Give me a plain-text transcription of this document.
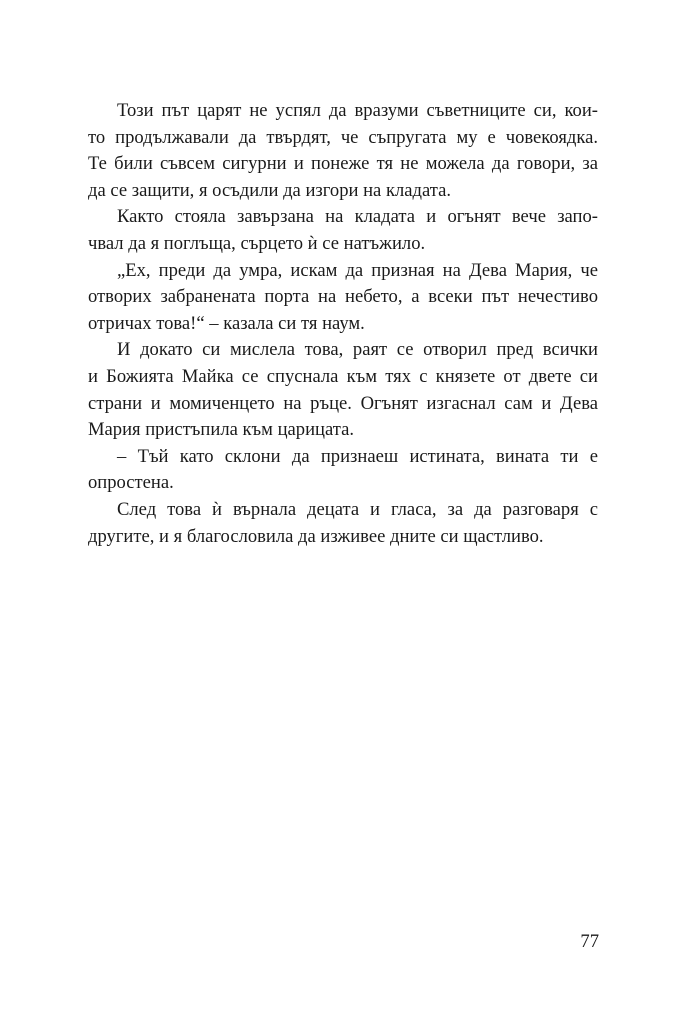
Този път царят не успял да вразуми съветниците си, кои-
то продължавали да твърдят, че съпругата му е човекоядка.
Те били съвсем сигурни и понеже тя не можела да говори, за
да се защити, я осъдили да изгори на кладата.
Както стояла завързана на кладата и огънят вече запо-
чвал да я поглъща, сърцето ѝ се натъжило.
„Ех, преди да умра, искам да призная на Дева Мария, че
отворих забранената порта на небето, а всеки път нечестиво
отричах това!“ – казала си тя наум.
И докато си мислела това, раят се отворил пред всички
и Божията Майка се спуснала към тях с князете от двете си
страни и момиченцето на ръце. Огънят изгаснал сам и Дева
Мария пристъпила към царицата.
– Тъй като склони да признаеш истината, вината ти е
опростена.
След това ѝ върнала децата и гласа, за да разговаря с
другите, и я благословила да изживее дните си щастливо.
77
